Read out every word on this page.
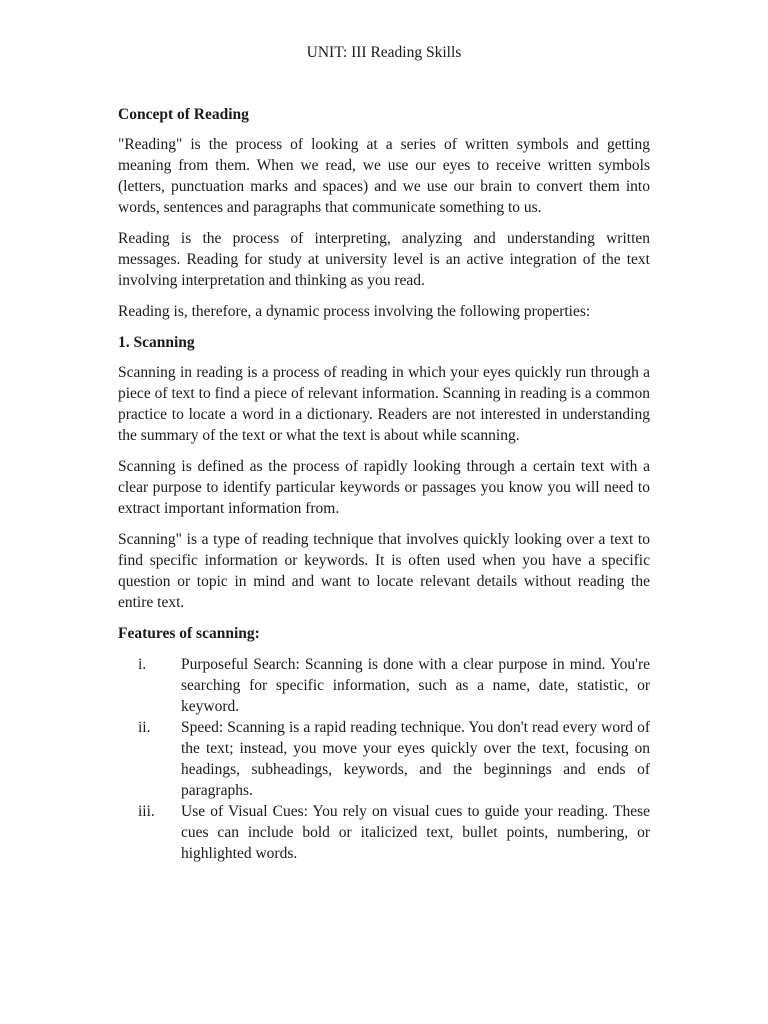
UNIT: III Reading Skills

Concept of Reading

"Reading" is the process of looking at a series of written symbols and getting meaning from them. When we read, we use our eyes to receive written symbols (letters, punctuation marks and spaces) and we use our brain to convert them into words, sentences and paragraphs that communicate something to us.

Reading is the process of interpreting, analyzing and understanding written messages. Reading for study at university level is an active integration of the text involving interpretation and thinking as you read.

Reading is, therefore, a dynamic process involving the following properties:

1. Scanning

Scanning in reading is a process of reading in which your eyes quickly run through a piece of text to find a piece of relevant information. Scanning in reading is a common practice to locate a word in a dictionary. Readers are not interested in understanding the summary of the text or what the text is about while scanning.

Scanning is defined as the process of rapidly looking through a certain text with a clear purpose to identify particular keywords or passages you know you will need to extract important information from.

Scanning" is a type of reading technique that involves quickly looking over a text to find specific information or keywords. It is often used when you have a specific question or topic in mind and want to locate relevant details without reading the entire text.

Features of scanning:

i. Purposeful Search: Scanning is done with a clear purpose in mind. You're searching for specific information, such as a name, date, statistic, or keyword.
ii. Speed: Scanning is a rapid reading technique. You don't read every word of the text; instead, you move your eyes quickly over the text, focusing on headings, subheadings, keywords, and the beginnings and ends of paragraphs.
iii. Use of Visual Cues: You rely on visual cues to guide your reading. These cues can include bold or italicized text, bullet points, numbering, or highlighted words.
